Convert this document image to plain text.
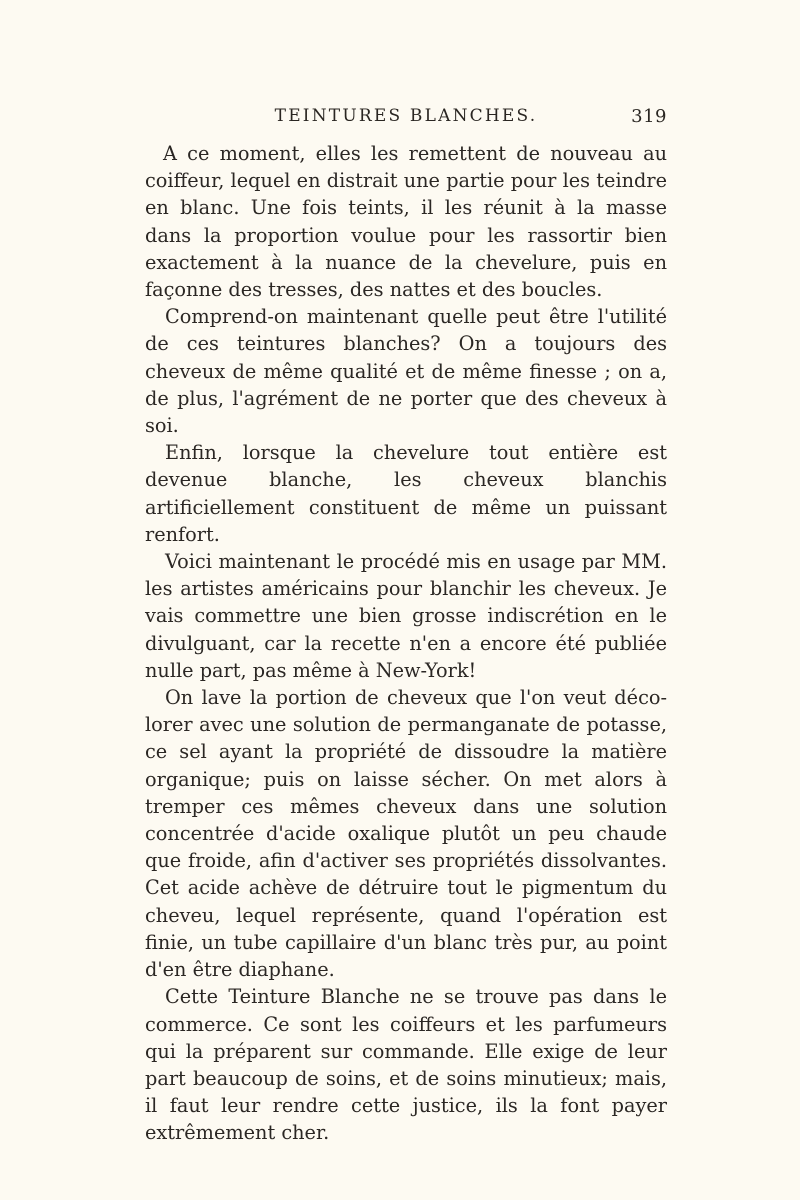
TEINTURES BLANCHES.	319

A ce moment, elles les remettent de nouveau au coiffeur, lequel en distrait une partie pour les teindre en blanc. Une fois teints, il les réunit à la masse dans la proportion voulue pour les rassortir bien exactement à la nuance de la chevelure, puis en façonne des tresses, des nattes et des boucles.

Comprend-on maintenant quelle peut être l'utilité de ces teintures blanches? On a toujours des cheveux de même qualité et de même finesse ; on a, de plus, l'agrément de ne porter que des cheveux à soi.

Enfin, lorsque la chevelure tout entière est devenue blanche, les cheveux blanchis artificiellement constituent de même un puissant renfort.

Voici maintenant le procédé mis en usage par MM. les artistes américains pour blanchir les cheveux. Je vais commettre une bien grosse indiscrétion en le divulguant, car la recette n'en a encore été publiée nulle part, pas même à New-York!

On lave la portion de cheveux que l'on veut décolorer avec une solution de permanganate de potasse, ce sel ayant la propriété de dissoudre la matière organique; puis on laisse sécher. On met alors à tremper ces mêmes cheveux dans une solution concentrée d'acide oxalique plutôt un peu chaude que froide, afin d'activer ses propriétés dissolvantes. Cet acide achève de détruire tout le pigmentum du cheveu, lequel représente, quand l'opération est finie, un tube capillaire d'un blanc très pur, au point d'en être diaphane.

Cette Teinture Blanche ne se trouve pas dans le commerce. Ce sont les coiffeurs et les parfumeurs qui la préparent sur commande. Elle exige de leur part beaucoup de soins, et de soins minutieux; mais, il faut leur rendre cette justice, ils la font payer extrêmement cher.
